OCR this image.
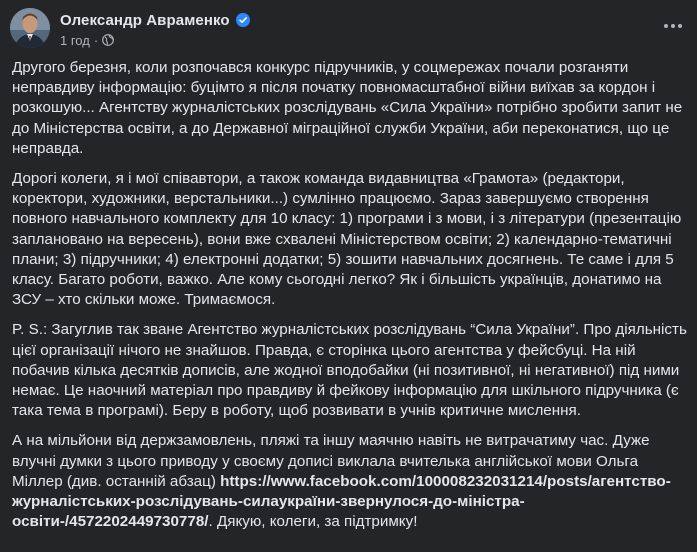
Олександр Авраменко
1 год ·

Другого березня, коли розпочався конкурс підручників, у соцмережах почали розганяти неправдиву інформацію: буцімто я після початку повномасштабної війни виїхав за кордон і розкошую... Агентству журналістських розслідувань «Сила України» потрібно зробити запит не до Міністерства освіти, а до Державної міграційної служби України, аби переконатися, що це неправда.

Дорогі колеги, я і мої співавтори, а також команда видавництва «Грамота» (редактори, коректори, художники, верстальники...) сумлінно працюємо. Зараз завершуємо створення повного навчального комплекту для 10 класу: 1) програми і з мови, і з літератури (презентацію заплановано на вересень), вони вже схвалені Міністерством освіти; 2) календарно-тематичні плани; 3) підручники; 4) електронні додатки; 5) зошити навчальних досягнень. Те саме і для 5 класу. Багато роботи, важко. Але кому сьогодні легко? Як і більшість українців, донатимо на ЗСУ – хто скільки може. Тримаємося.

P. S.: Загуглив так зване Агентство журналістських розслідувань “Сила України”. Про діяльність цієї організації нічого не знайшов. Правда, є сторінка цього агентства у фейсбуці. На ній побачив кілька десятків дописів, але жодної вподобайки (ні позитивної, ні негативної) під ними немає. Це наочний матеріал про правдиву й фейкову інформацію для шкільного підручника (є така тема в програмі). Беру в роботу, щоб розвивати в учнів критичне мислення.

А на мільйони від держзамовлень, пляжі та іншу маячню навіть не витрачатиму час. Дуже влучні думки з цього приводу у своєму дописі виклала вчителька англійської мови Ольга Міллер (див. останній абзац) https://www.facebook.com/100008232031214/posts/агентство-журналістських-розслідувань-силаукраїни-звернулося-до-міністра-освіти-/4572202449730778/. Дякую, колеги, за підтримку!
